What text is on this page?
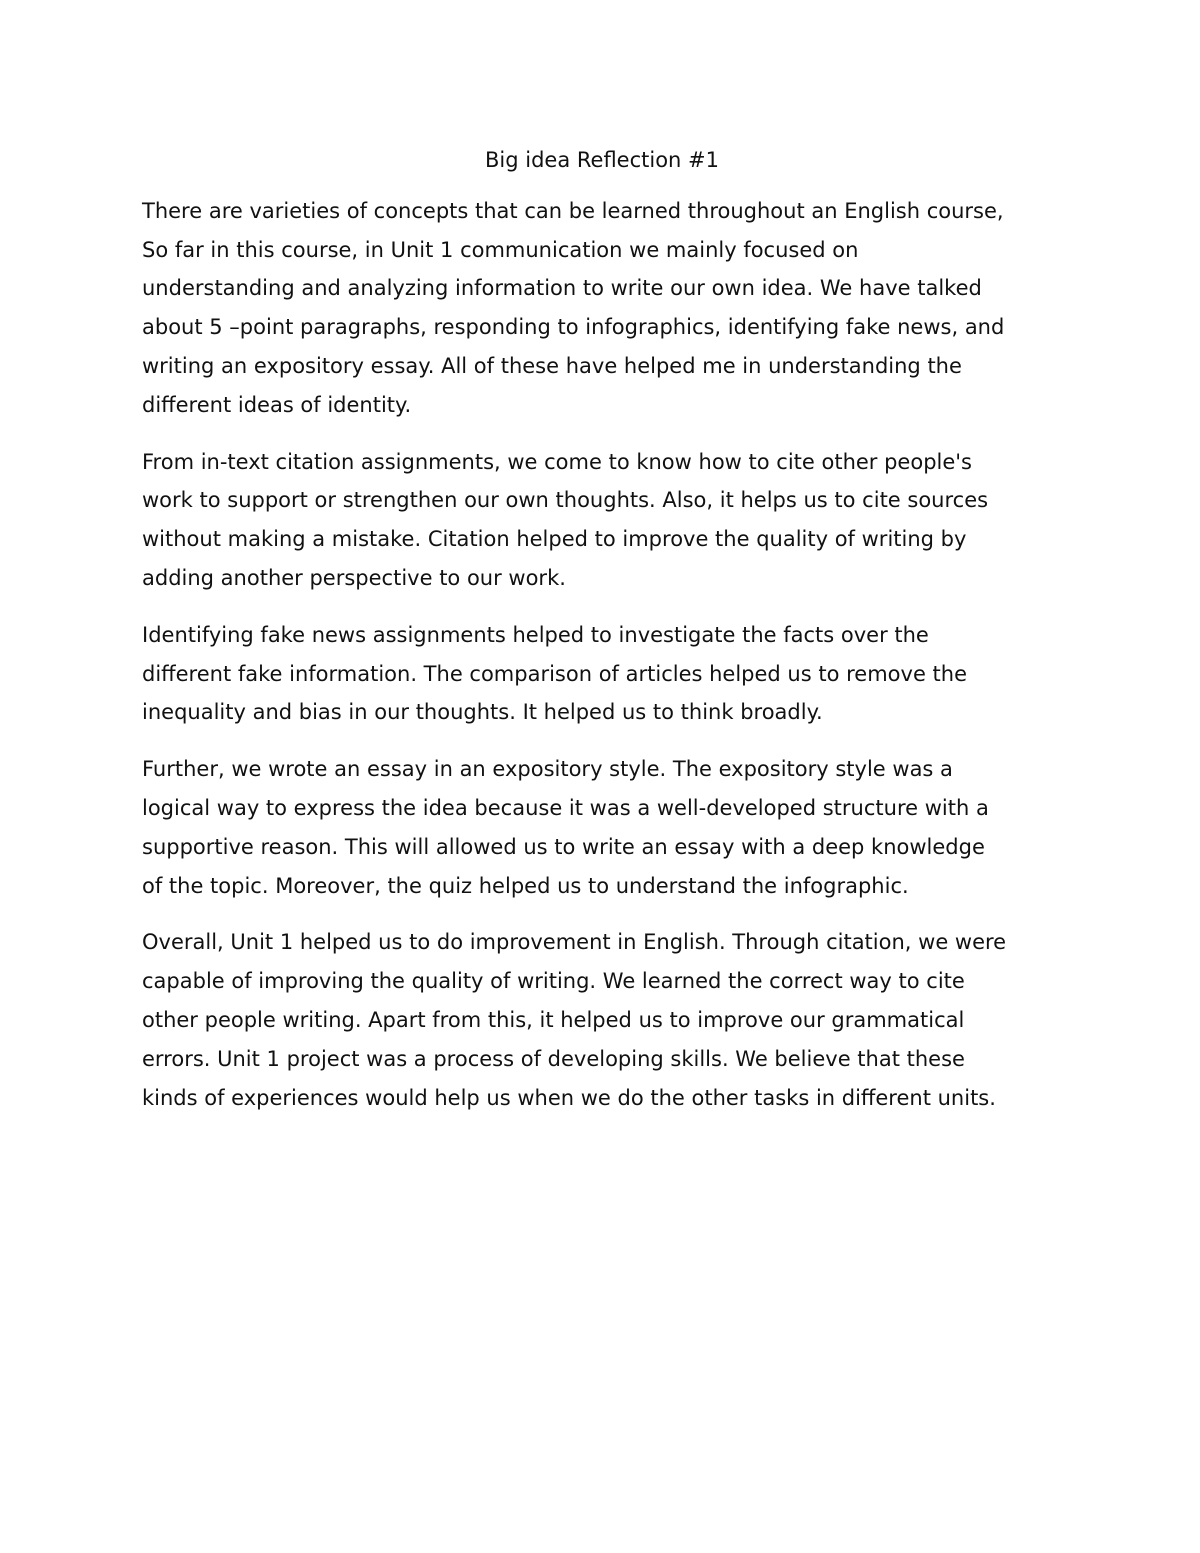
Big idea Reflection #1

There are varieties of concepts that can be learned throughout an English course,
So far in this course, in Unit 1 communication we mainly focused on
understanding and analyzing information to write our own idea. We have talked
about 5 –point paragraphs, responding to infographics, identifying fake news, and
writing an expository essay. All of these have helped me in understanding the
different ideas of identity.

From in-text citation assignments, we come to know how to cite other people's
work to support or strengthen our own thoughts. Also, it helps us to cite sources
without making a mistake. Citation helped to improve the quality of writing by
adding another perspective to our work.

Identifying fake news assignments helped to investigate the facts over the
different fake information. The comparison of articles helped us to remove the
inequality and bias in our thoughts. It helped us to think broadly.

Further, we wrote an essay in an expository style. The expository style was a
logical way to express the idea because it was a well-developed structure with a
supportive reason. This will allowed us to write an essay with a deep knowledge
of the topic. Moreover, the quiz helped us to understand the infographic.

Overall, Unit 1 helped us to do improvement in English. Through citation, we were
capable of improving the quality of writing. We learned the correct way to cite
other people writing. Apart from this, it helped us to improve our grammatical
errors. Unit 1 project was a process of developing skills. We believe that these
kinds of experiences would help us when we do the other tasks in different units.
